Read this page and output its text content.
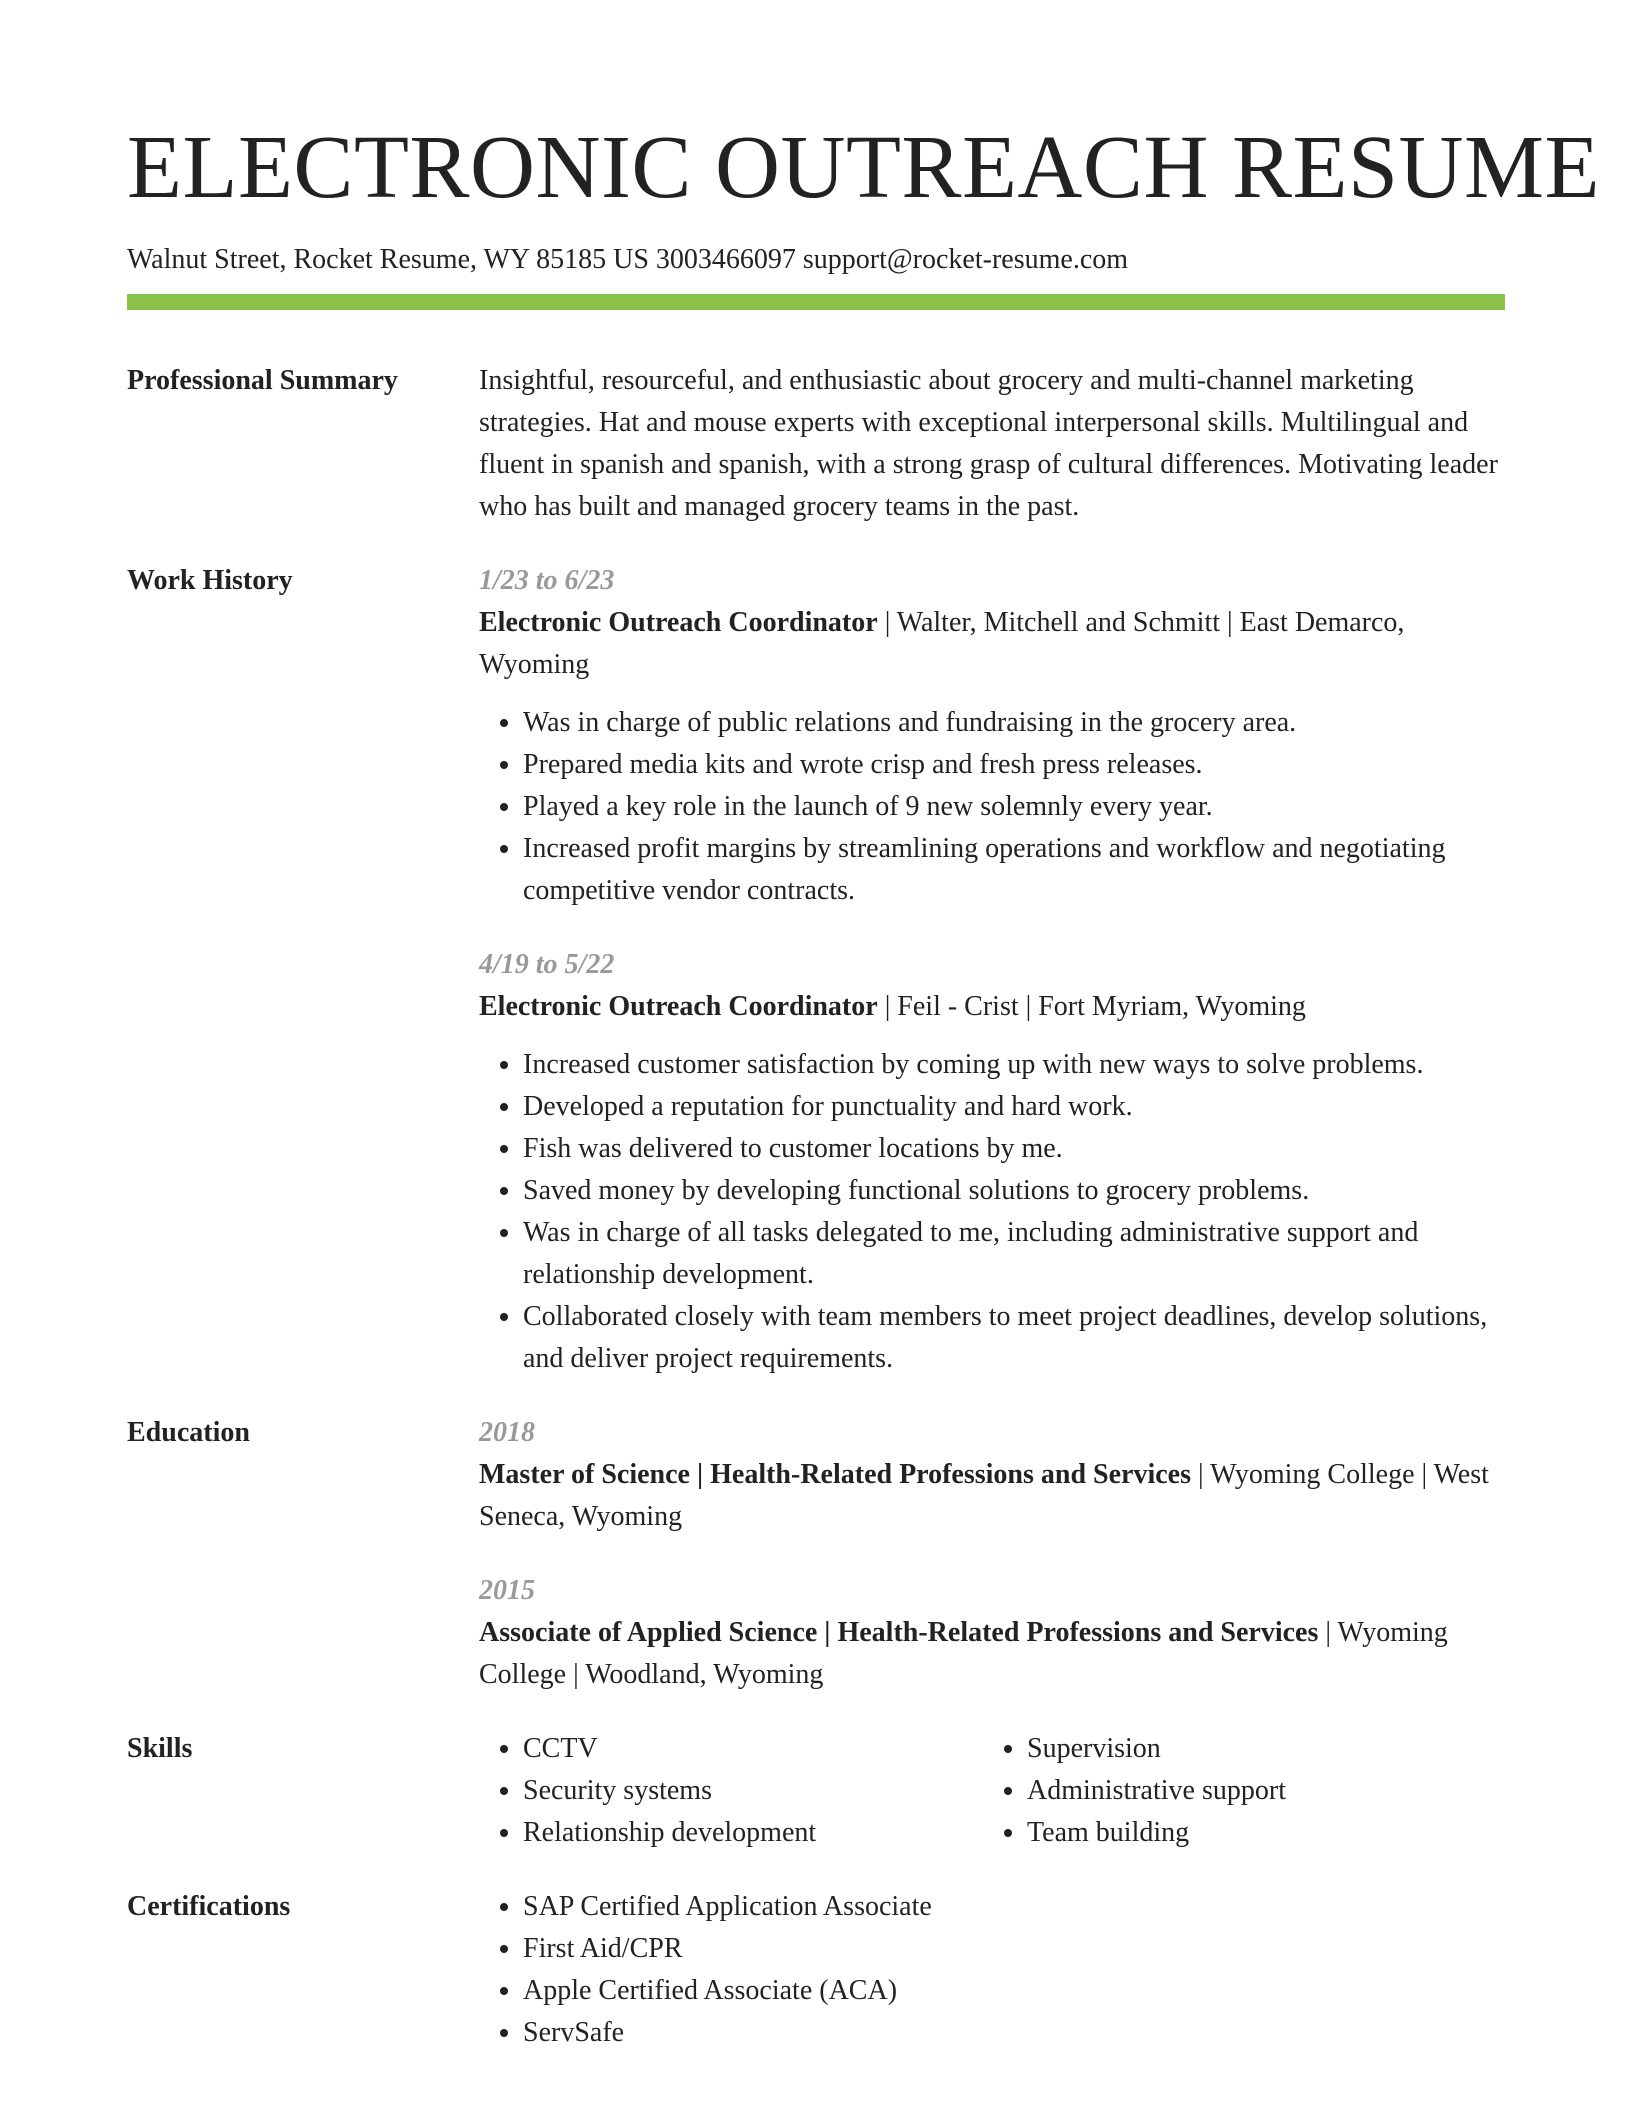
ELECTRONIC OUTREACH RESUME
Walnut Street, Rocket Resume, WY 85185 US 3003466097 support@rocket-resume.com
Professional Summary	Insightful, resourceful, and enthusiastic about grocery and multi-channel marketing strategies. Hat and mouse experts with exceptional interpersonal skills. Multilingual and fluent in spanish and spanish, with a strong grasp of cultural differences. Motivating leader who has built and managed grocery teams in the past.

Work History	1/23 to 6/23

Electronic Outreach Coordinator | Walter, Mitchell and Schmitt | East Demarco, Wyoming

• Was in charge of public relations and fundraising in the grocery area.
• Prepared media kits and wrote crisp and fresh press releases.
• Played a key role in the launch of 9 new solemnly every year.
• Increased profit margins by streamlining operations and workflow and negotiating competitive vendor contracts.
4/19 to 5/22

Electronic Outreach Coordinator | Feil - Crist | Fort Myriam, Wyoming

• Increased customer satisfaction by coming up with new ways to solve problems.
• Developed a reputation for punctuality and hard work.
• Fish was delivered to customer locations by me.
• Saved money by developing functional solutions to grocery problems.
• Was in charge of all tasks delegated to me, including administrative support and relationship development.
• Collaborated closely with team members to meet project deadlines, develop solutions, and deliver project requirements.
Education	2018

Master of Science | Health-Related Professions and Services | Wyoming College | West Seneca, Wyoming

2015

Associate of Applied Science | Health-Related Professions and Services | Wyoming College | Woodland, Wyoming

Skills	• CCTV
• Security systems
• Relationship development
• Supervision
• Administrative support
• Team building
Certifications	• SAP Certified Application Associate
• First Aid/CPR
• Apple Certified Associate (ACA)
• ServSafe
